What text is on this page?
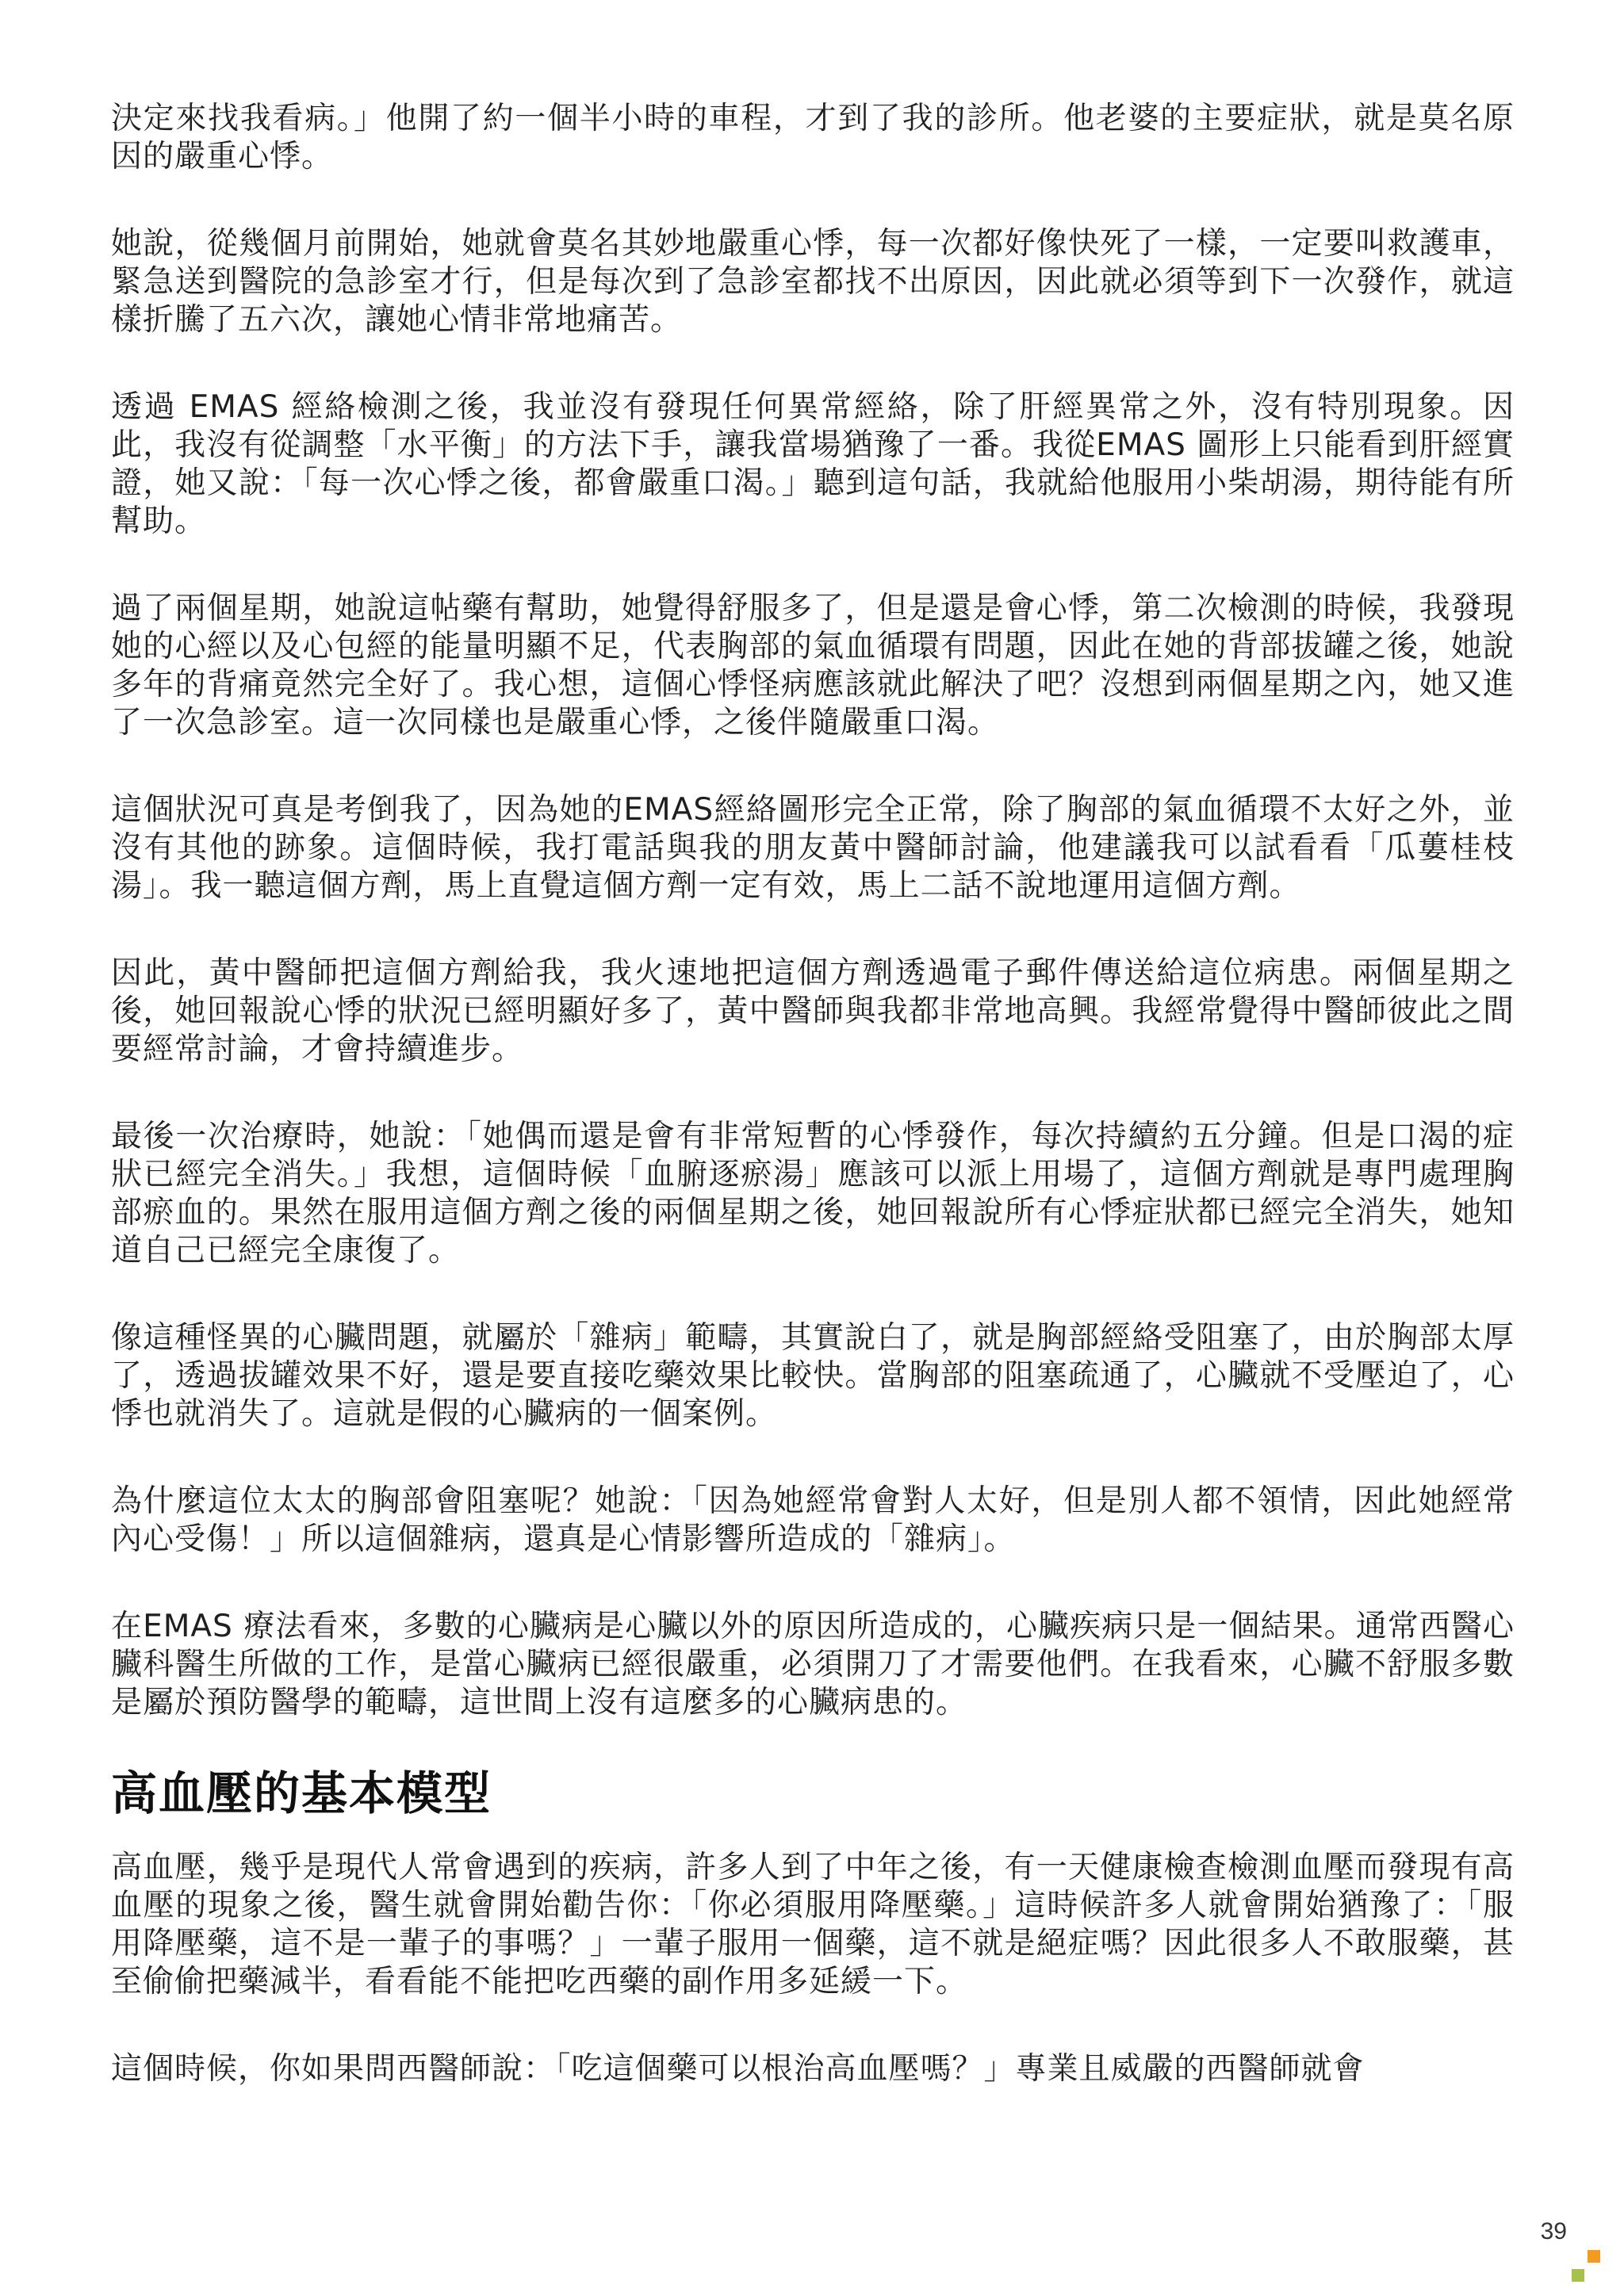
決定來找我看病。」他開了約一個半小時的車程，才到了我的診所。他老婆的主要症狀，就是莫名原因的嚴重心悸。

她說，從幾個月前開始，她就會莫名其妙地嚴重心悸，每一次都好像快死了一樣，一定要叫救護車，緊急送到醫院的急診室才行，但是每次到了急診室都找不出原因，因此就必須等到下一次發作，就這樣折騰了五六次，讓她心情非常地痛苦。

透過 EMAS 經絡檢測之後，我並沒有發現任何異常經絡，除了肝經異常之外，沒有特別現象。因此，我沒有從調整「水平衡」的方法下手，讓我當場猶豫了一番。我從EMAS 圖形上只能看到肝經實證，她又說：「每一次心悸之後，都會嚴重口渴。」聽到這句話，我就給他服用小柴胡湯，期待能有所幫助。

過了兩個星期，她說這帖藥有幫助，她覺得舒服多了，但是還是會心悸，第二次檢測的時候，我發現她的心經以及心包經的能量明顯不足，代表胸部的氣血循環有問題，因此在她的背部拔罐之後，她說多年的背痛竟然完全好了。我心想，這個心悸怪病應該就此解決了吧？沒想到兩個星期之內，她又進了一次急診室。這一次同樣也是嚴重心悸，之後伴隨嚴重口渴。

這個狀況可真是考倒我了，因為她的EMAS經絡圖形完全正常，除了胸部的氣血循環不太好之外，並沒有其他的跡象。這個時候，我打電話與我的朋友黃中醫師討論，他建議我可以試看看「瓜蔞桂枝湯」。我一聽這個方劑，馬上直覺這個方劑一定有效，馬上二話不說地運用這個方劑。

因此，黃中醫師把這個方劑給我，我火速地把這個方劑透過電子郵件傳送給這位病患。兩個星期之後，她回報說心悸的狀況已經明顯好多了，黃中醫師與我都非常地高興。我經常覺得中醫師彼此之間要經常討論，才會持續進步。

最後一次治療時，她說：「她偶而還是會有非常短暫的心悸發作，每次持續約五分鐘。但是口渴的症狀已經完全消失。」我想，這個時候「血腑逐瘀湯」應該可以派上用場了，這個方劑就是專門處理胸部瘀血的。果然在服用這個方劑之後的兩個星期之後，她回報說所有心悸症狀都已經完全消失，她知道自己已經完全康復了。

像這種怪異的心臟問題，就屬於「雜病」範疇，其實說白了，就是胸部經絡受阻塞了，由於胸部太厚了，透過拔罐效果不好，還是要直接吃藥效果比較快。當胸部的阻塞疏通了，心臟就不受壓迫了，心悸也就消失了。這就是假的心臟病的一個案例。

為什麼這位太太的胸部會阻塞呢？她說：「因為她經常會對人太好，但是別人都不領情，因此她經常內心受傷！」所以這個雜病，還真是心情影響所造成的「雜病」。

在EMAS 療法看來，多數的心臟病是心臟以外的原因所造成的，心臟疾病只是一個結果。通常西醫心臟科醫生所做的工作，是當心臟病已經很嚴重，必須開刀了才需要他們。在我看來，心臟不舒服多數是屬於預防醫學的範疇，這世間上沒有這麼多的心臟病患的。

高血壓的基本模型

高血壓，幾乎是現代人常會遇到的疾病，許多人到了中年之後，有一天健康檢查檢測血壓而發現有高血壓的現象之後，醫生就會開始勸告你：「你必須服用降壓藥。」這時候許多人就會開始猶豫了：「服用降壓藥，這不是一輩子的事嗎？」一輩子服用一個藥，這不就是絕症嗎？因此很多人不敢服藥，甚至偷偷把藥減半，看看能不能把吃西藥的副作用多延緩一下。

這個時候，你如果問西醫師說：「吃這個藥可以根治高血壓嗎？」專業且威嚴的西醫師就會

39
